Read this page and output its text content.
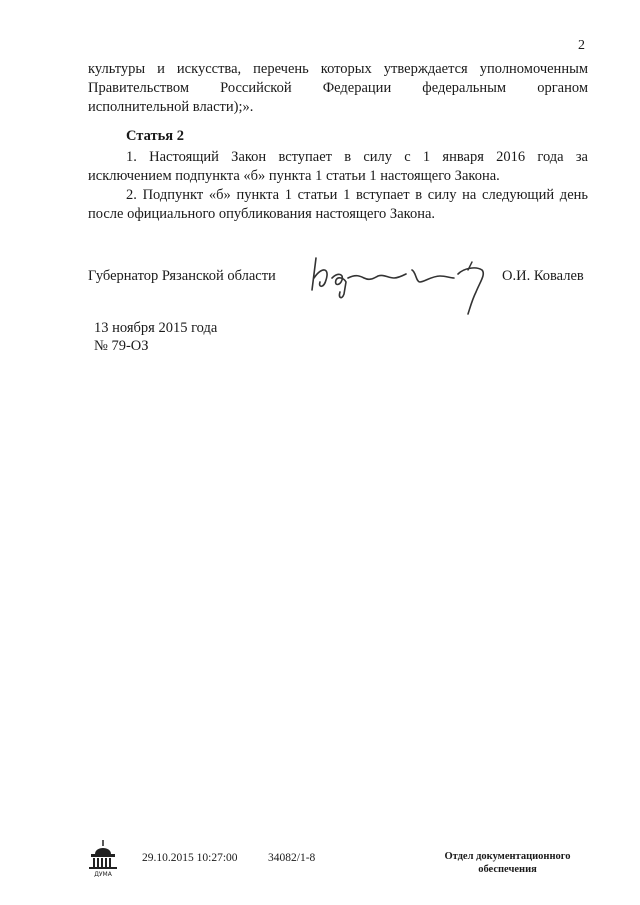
2
культуры и искусства, перечень которых утверждается уполномоченным
Правительством Российской Федерации федеральным органом
исполнительной власти);».
Статья 2
1. Настоящий Закон вступает в силу с 1 января 2016 года за
исключением подпункта «б» пункта 1 статьи 1 настоящего Закона.
2. Подпункт «б» пункта 1 статьи 1 вступает в силу на следующий день
после официального опубликования настоящего Закона.
Губернатор Рязанской области	О.И. Ковалев
13 ноября 2015 года
№ 79-ОЗ
ДУМА
29.10.2015 10:27:00	34082/1-8	Отдел документационного
обеспечения
